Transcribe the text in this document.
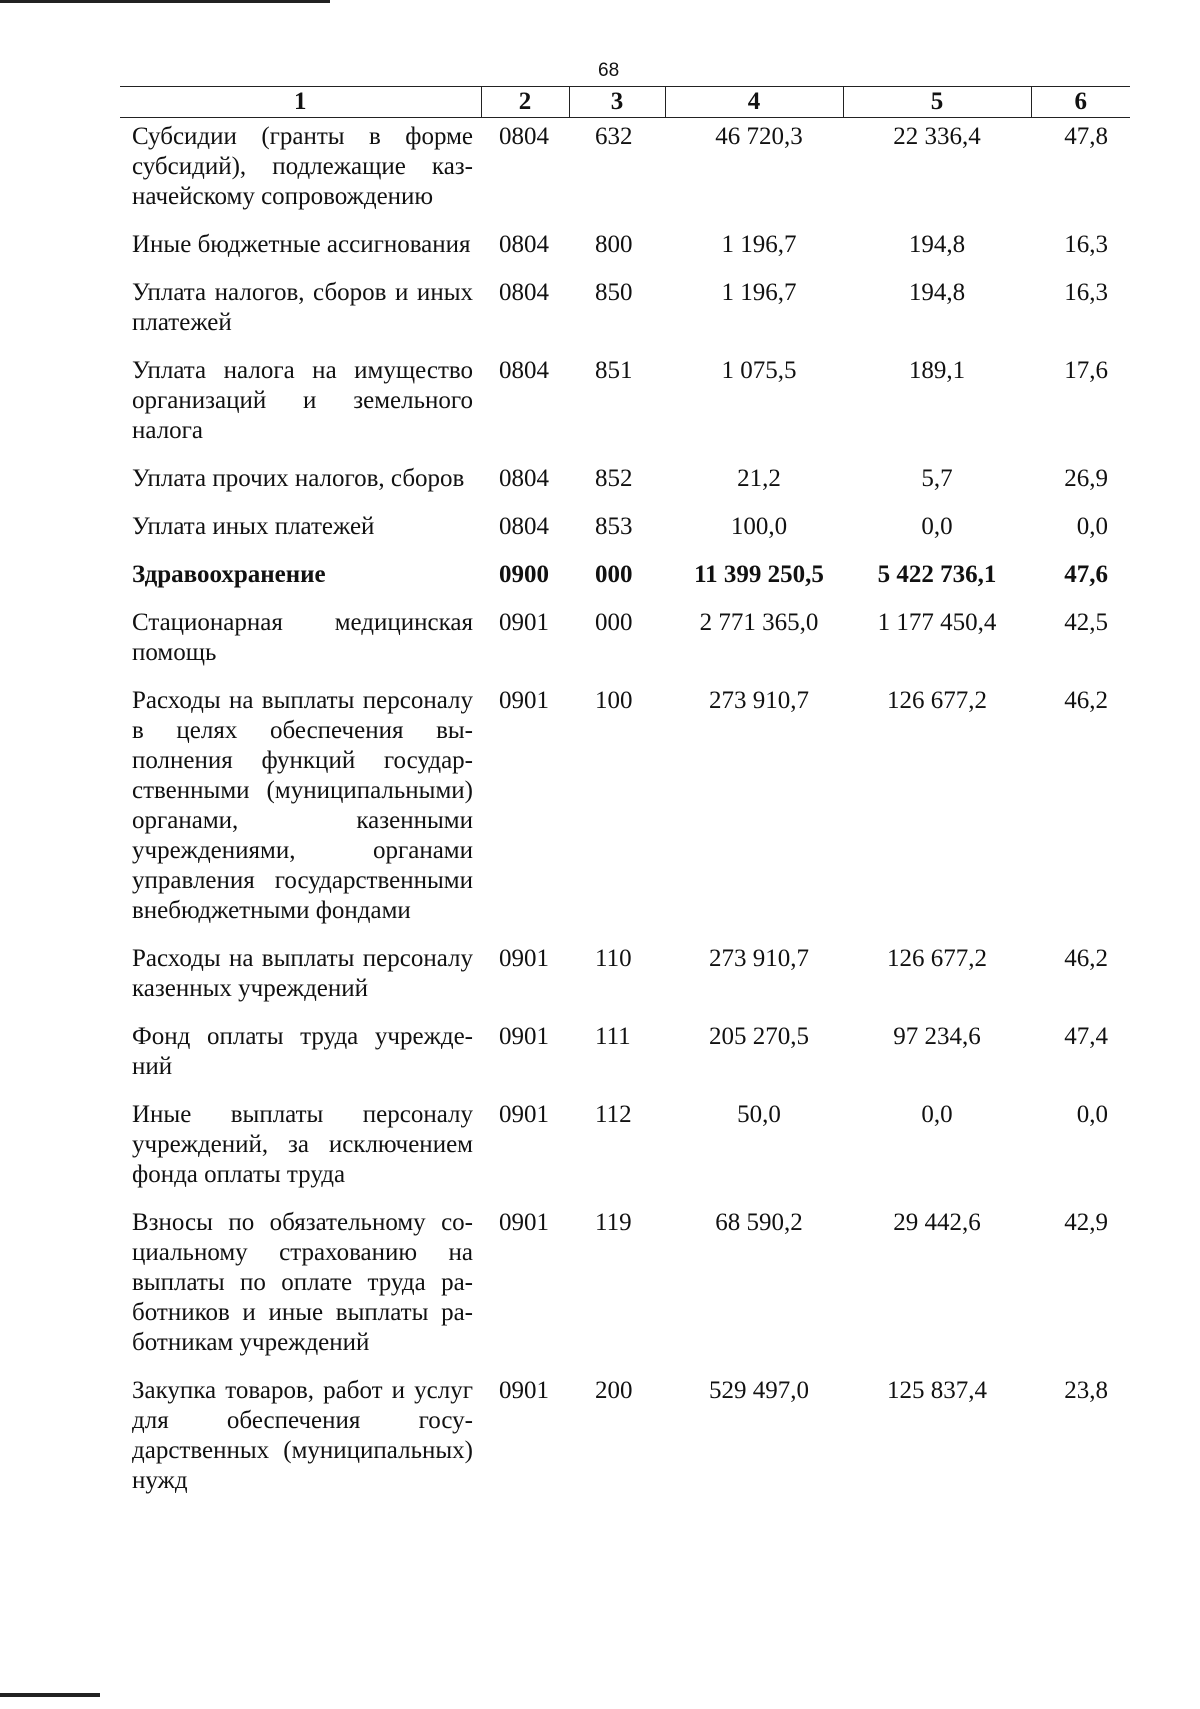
68
1	2	3	4	5	6
Субсидии (гранты в форме субсидий), подлежащие казначейскому сопровождению	0804	632	46 720,3	22 336,4	47,8
Иные бюджетные ассигнования	0804	800	1 196,7	194,8	16,3
Уплата налогов, сборов и иных платежей	0804	850	1 196,7	194,8	16,3
Уплата налога на имущество организаций и земельного налога	0804	851	1 075,5	189,1	17,6
Уплата прочих налогов, сборов	0804	852	21,2	5,7	26,9
Уплата иных платежей	0804	853	100,0	0,0	0,0
Здравоохранение	0900	000	11 399 250,5	5 422 736,1	47,6
Стационарная медицинская помощь	0901	000	2 771 365,0	1 177 450,4	42,5
Расходы на выплаты персоналу в целях обеспечения выполнения функций государственными (муниципальными) органами, казенными учреждениями, органами управления государственными внебюджетными фондами	0901	100	273 910,7	126 677,2	46,2
Расходы на выплаты персоналу казенных учреждений	0901	110	273 910,7	126 677,2	46,2
Фонд оплаты труда учреждений	0901	111	205 270,5	97 234,6	47,4
Иные выплаты персоналу учреждений, за исключением фонда оплаты труда	0901	112	50,0	0,0	0,0
Взносы по обязательному социальному страхованию на выплаты по оплате труда работников и иные выплаты работникам учреждений	0901	119	68 590,2	29 442,6	42,9
Закупка товаров, работ и услуг для обеспечения государственных (муниципальных) нужд	0901	200	529 497,0	125 837,4	23,8
